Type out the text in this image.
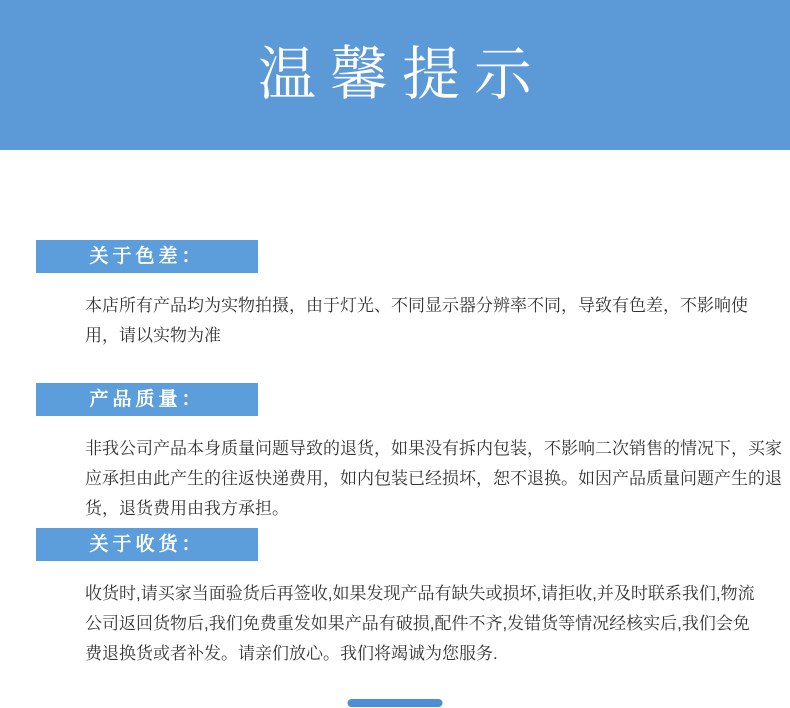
温馨提示
关于色差：
本店所有产品均为实物拍摄，由于灯光、不同显示器分辨率不同，导致有色差，不影响使
用，请以实物为准
产品质量：
非我公司产品本身质量问题导致的退货，如果没有拆内包装，不影响二次销售的情况下，买家
应承担由此产生的往返快递费用，如内包装已经损坏，恕不退换。如因产品质量问题产生的退
货，退货费用由我方承担。
关于收货：
收货时,请买家当面验货后再签收,如果发现产品有缺失或损坏,请拒收,并及时联系我们,物流
公司返回货物后,我们免费重发如果产品有破损,配件不齐,发错货等情况经核实后,我们会免
费退换货或者补发。请亲们放心。我们将竭诚为您服务.
